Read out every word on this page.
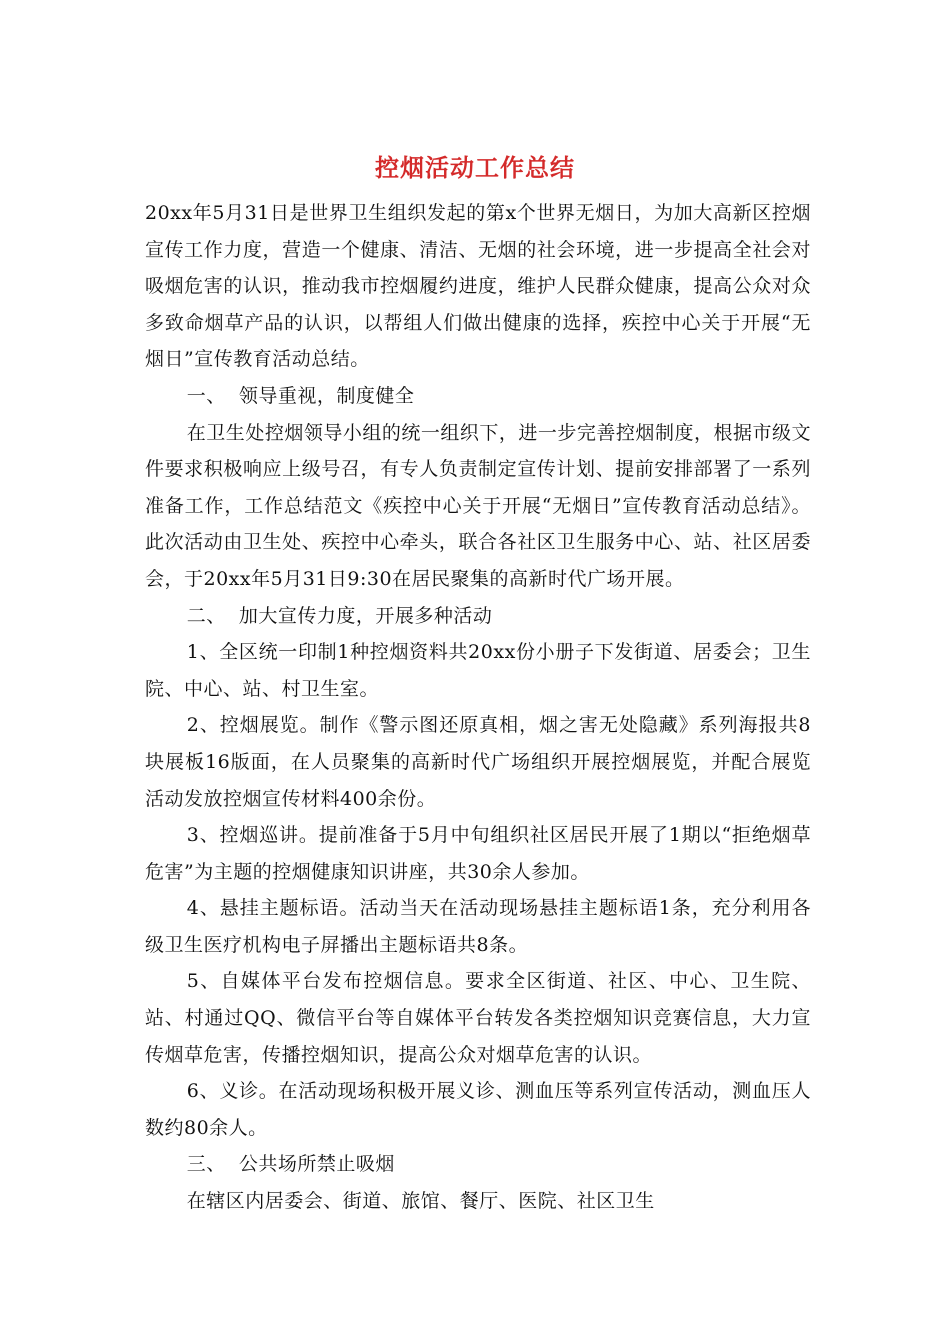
控烟活动工作总结

20xx年5月31日是世界卫生组织发起的第x个世界无烟日，为加大高新区控烟宣传工作力度，营造一个健康、清洁、无烟的社会环境，进一步提高全社会对吸烟危害的认识，推动我市控烟履约进度，维护人民群众健康，提高公众对众多致命烟草产品的认识，以帮组人们做出健康的选择，疾控中心关于开展“无烟日”宣传教育活动总结。

一、  领导重视，制度健全

在卫生处控烟领导小组的统一组织下，进一步完善控烟制度，根据市级文件要求积极响应上级号召，有专人负责制定宣传计划、提前安排部署了一系列准备工作，工作总结范文《疾控中心关于开展“无烟日”宣传教育活动总结》。此次活动由卫生处、疾控中心牵头，联合各社区卫生服务中心、站、社区居委会，于20xx年5月31日9:30在居民聚集的高新时代广场开展。

二、  加大宣传力度，开展多种活动

1、全区统一印制1种控烟资料共20xx份小册子下发街道、居委会；卫生院、中心、站、村卫生室。

2、控烟展览。制作《警示图还原真相，烟之害无处隐藏》系列海报共8块展板16版面，在人员聚集的高新时代广场组织开展控烟展览，并配合展览活动发放控烟宣传材料400余份。

3、控烟巡讲。提前准备于5月中旬组织社区居民开展了1期以“拒绝烟草危害”为主题的控烟健康知识讲座，共30余人参加。

4、悬挂主题标语。活动当天在活动现场悬挂主题标语1条，充分利用各级卫生医疗机构电子屏播出主题标语共8条。

5、自媒体平台发布控烟信息。要求全区街道、社区、中心、卫生院、站、村通过QQ、微信平台等自媒体平台转发各类控烟知识竞赛信息，大力宣传烟草危害，传播控烟知识，提高公众对烟草危害的认识。

6、义诊。在活动现场积极开展义诊、测血压等系列宣传活动，测血压人数约80余人。

三、  公共场所禁止吸烟

在辖区内居委会、街道、旅馆、餐厅、医院、社区卫生
